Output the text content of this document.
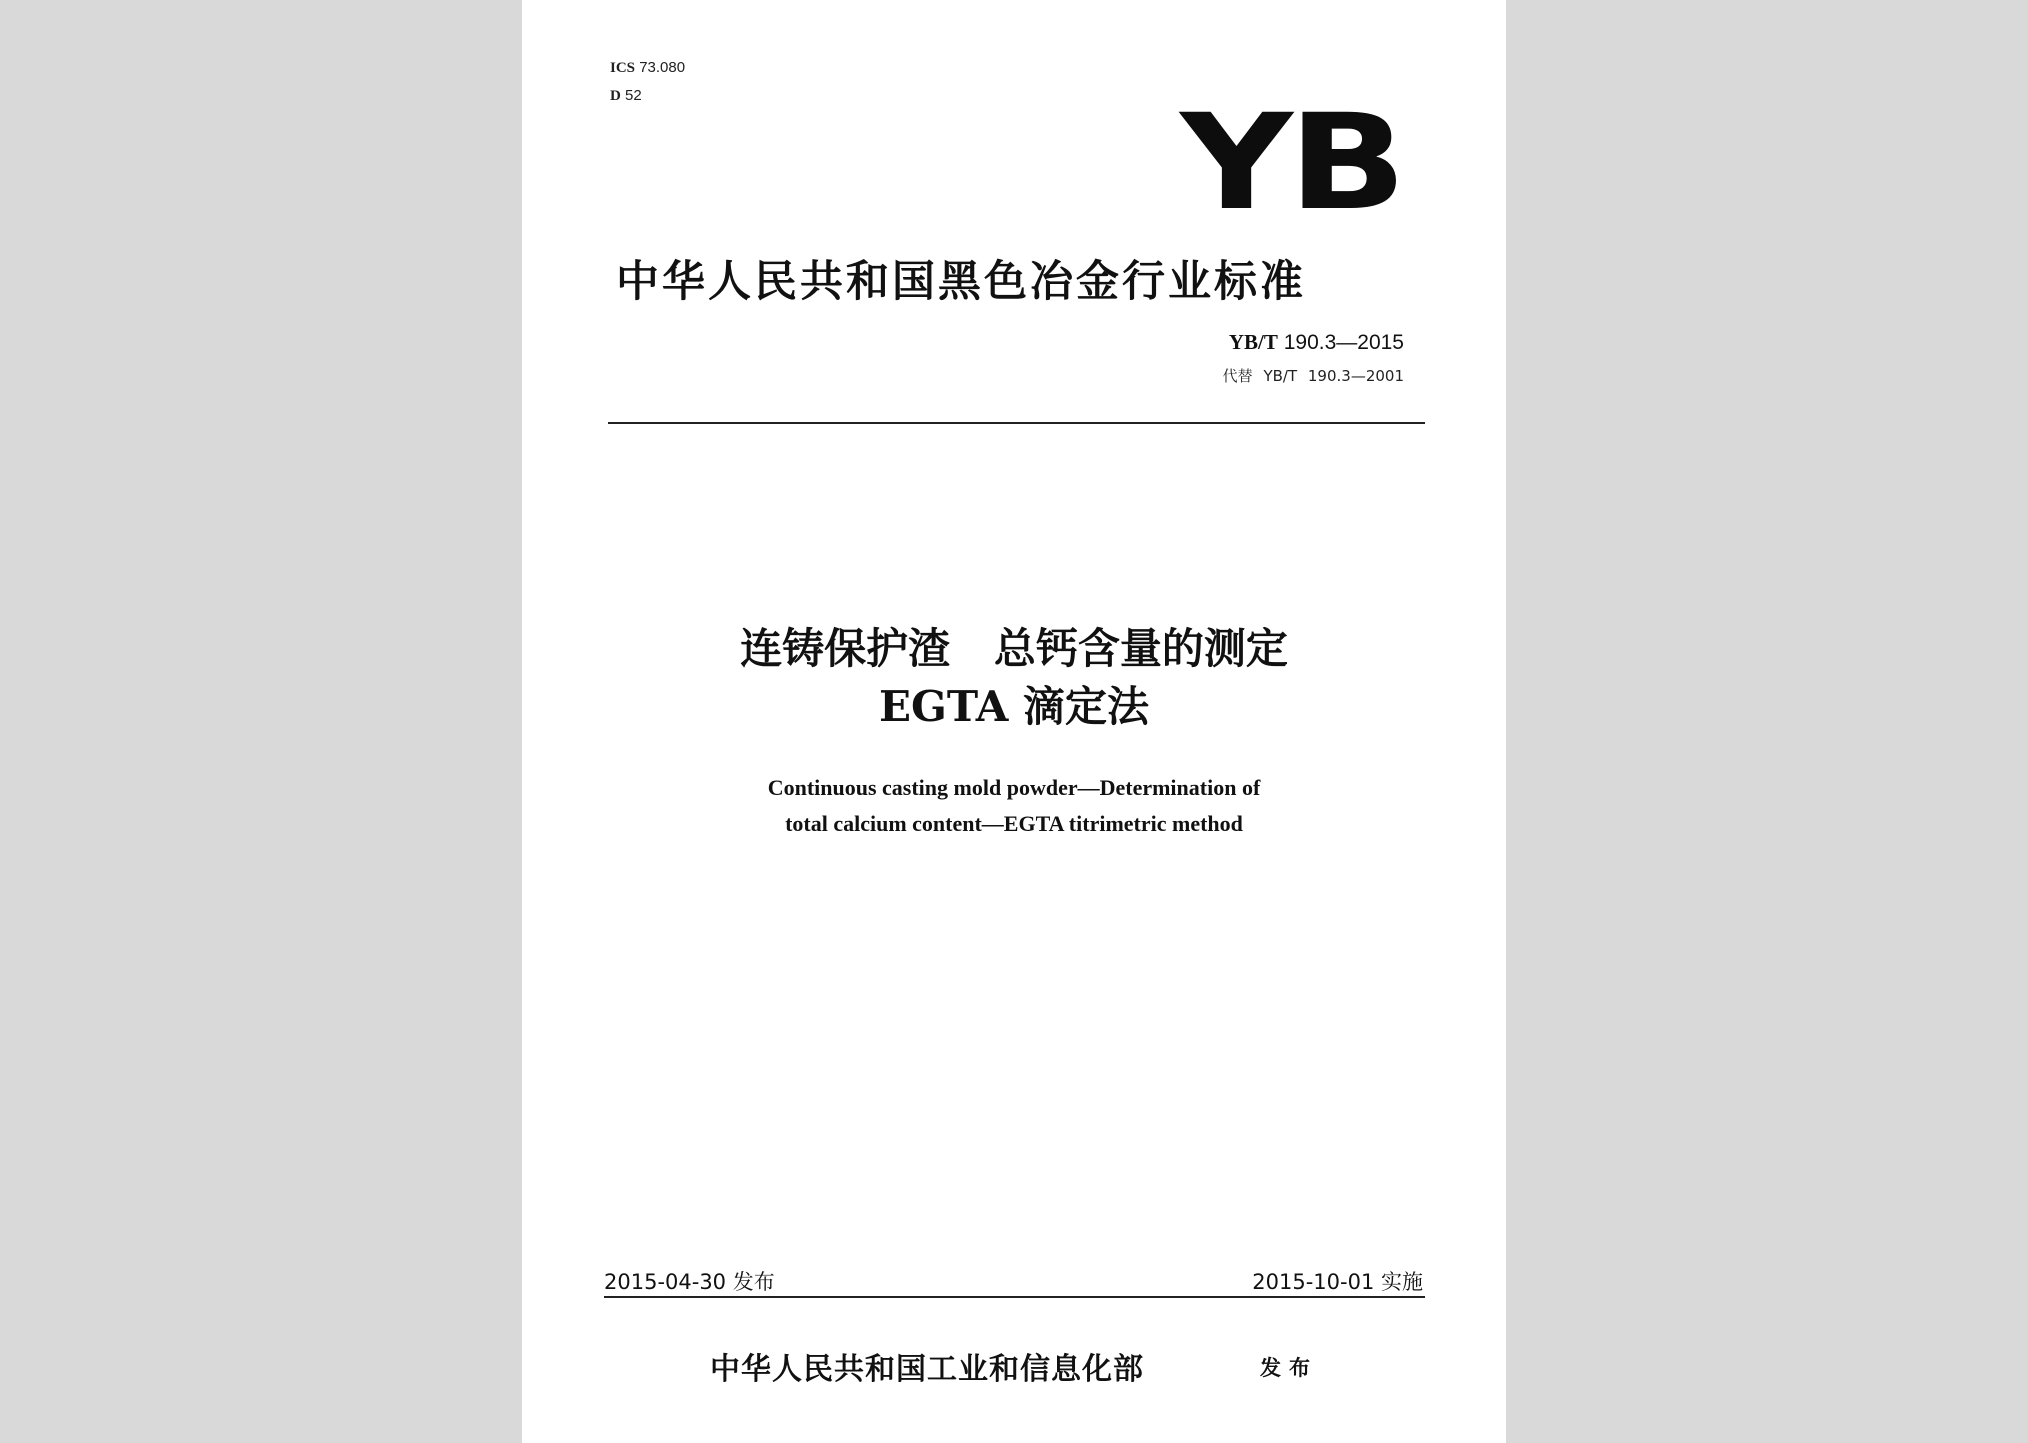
ICS 73.080
D 52	YB
中华人民共和国黑色冶金行业标准
YB/T 190.3—2015
代替 YB/T 190.3—2001
连铸保护渣   总钙含量的测定
EGTA 滴定法
Continuous casting mold powder—Determination of
total calcium content—EGTA titrimetric method
2015-04-30 发布	2015-10-01 实施
中华人民共和国工业和信息化部	发布
